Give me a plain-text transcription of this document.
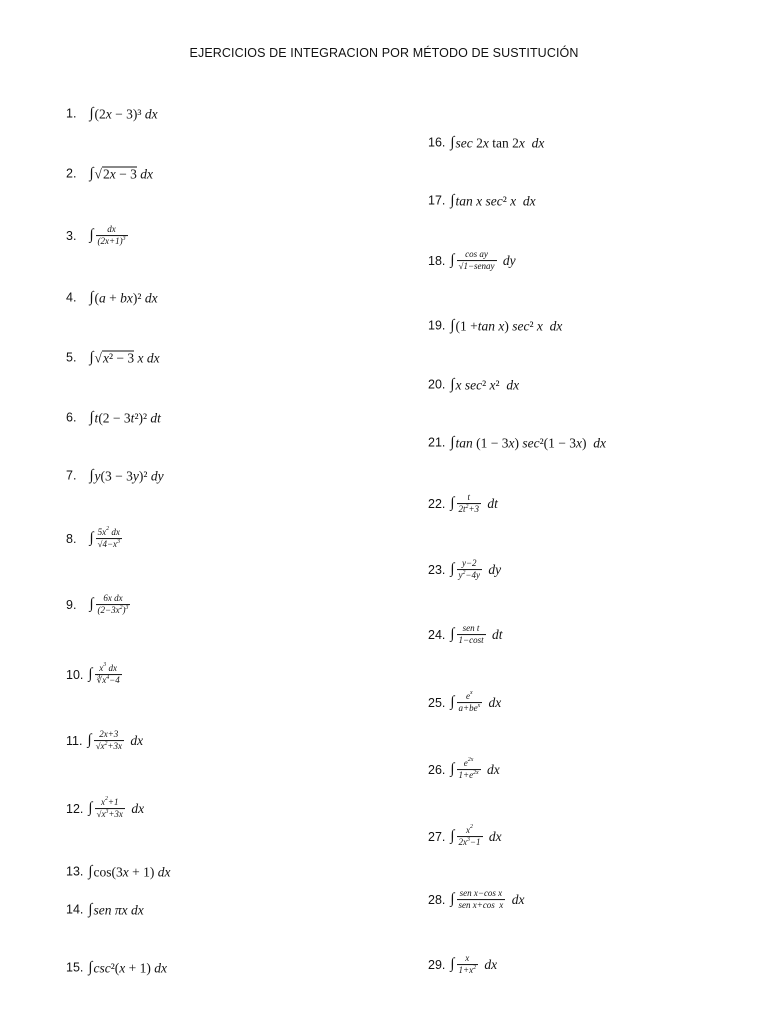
EJERCICIOS DE INTEGRACION POR MÉTODO DE SUSTITUCIÓN
1. ∫ (2 x
−
3)³
dx
2. ∫ √ 2x − 3
dx
3. ∫ $\frac{dx}{(2x+1)^3}$
4. ∫ ( a
+
bx )²
dx
5. ∫ √ x² − 3
x
dx
6. ∫ t (2 − 3 t ²)²
dt
7. ∫ y (3 − 3 y )²
dy
8. ∫ $\frac{5x^2 dx}{√4-x^3}$
9. ∫ $\frac{\text{6x dx}}{(2-3x^2)^3}$
10. ∫ $\frac{x^3 dx}{∛x^4-4}$
11. ∫ $\frac{2x+3}{√x^2+3x}$
dx
12. ∫ $\frac{x^2+1}{√x^3+3x}$
dx
13. ∫ cos(3 x
+ 1)
dx
14. ∫ sen πx
dx
15. ∫ csc ²( x
+ 1)
dx
16. ∫ sec
2 x
tan 2 x
dx
17. ∫ tan x sec ²
x
dx
18. ∫ $\frac{\text{cos ay}}{\text{√1−senay}}$
dy
19. ∫ (1 + tan x )
sec ²
x
dx
20. ∫ x sec ²
x ²
dx
21. ∫ tan
(1 − 3 x )
sec ²(1 − 3 x )
dx
22. ∫ $\frac{t}{2t^2+3}$
dt
23. ∫ $\frac{y-2}{y^2-4y}$
dy
24. ∫ $\frac{\text{sen t}}{1-\cos t}$
dt
25. ∫ $\frac{e^x}{a+be^x}$
dx
26. ∫ $\frac{e^{2x}}{1+e^{2x}}$
dx
27. ∫ $\frac{x^2}{2x^3-1}$
dx
28. ∫ $\frac{\text{sen x−cos x}}{\text{sen x+cos  x}}$
dx
29. ∫ $\frac{x}{1+x^2}$
dx
